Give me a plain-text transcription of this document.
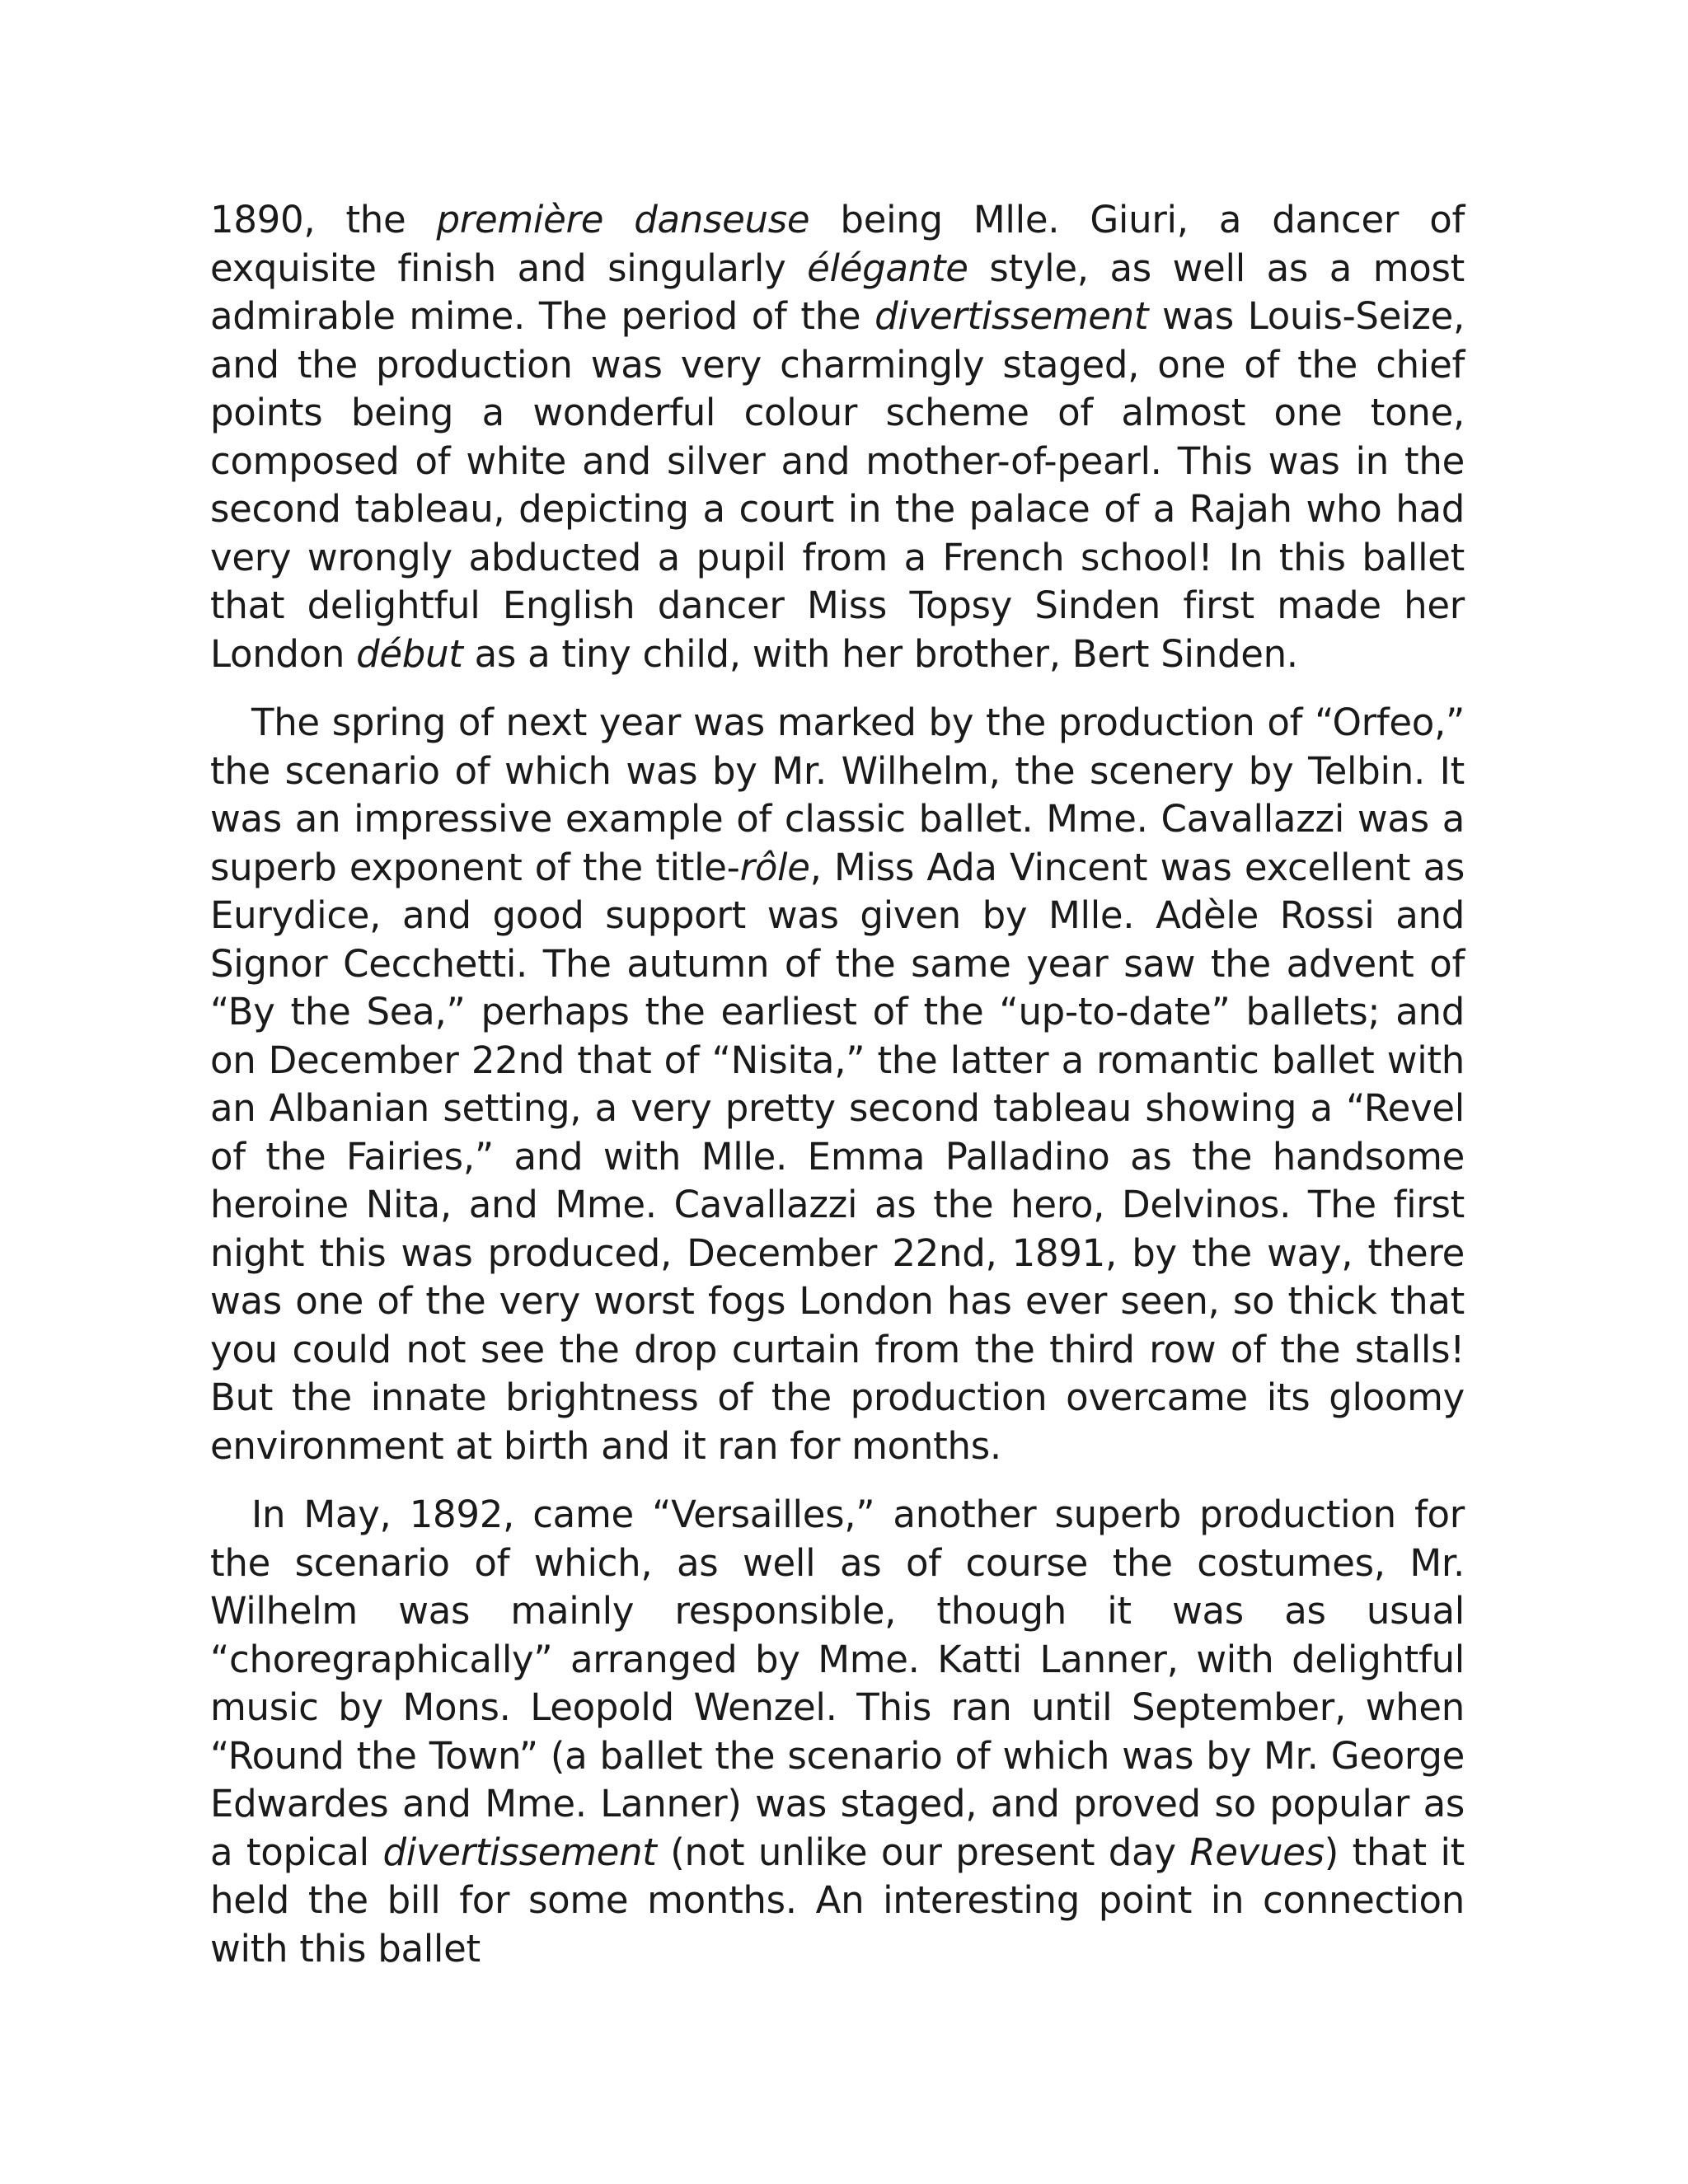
1890, the première danseuse being Mlle. Giuri, a dancer of exquisite finish and singularly élégante style, as well as a most admirable mime. The period of the divertissement was Louis-Seize, and the production was very charmingly staged, one of the chief points being a wonderful colour scheme of almost one tone, composed of white and silver and mother-of-pearl. This was in the second tableau, depicting a court in the palace of a Rajah who had very wrongly abducted a pupil from a French school! In this ballet that delightful English dancer Miss Topsy Sinden first made her London début as a tiny child, with her brother, Bert Sinden.

The spring of next year was marked by the production of “Orfeo,” the scenario of which was by Mr. Wilhelm, the scenery by Telbin. It was an impressive example of classic ballet. Mme. Cavallazzi was a superb exponent of the title-rôle, Miss Ada Vincent was excellent as Eurydice, and good support was given by Mlle. Adèle Rossi and Signor Cecchetti. The autumn of the same year saw the advent of “By the Sea,” perhaps the earliest of the “up-to-date” ballets; and on December 22nd that of “Nisita,” the latter a romantic ballet with an Albanian setting, a very pretty second tableau showing a “Revel of the Fairies,” and with Mlle. Emma Palladino as the handsome heroine Nita, and Mme. Cavallazzi as the hero, Delvinos. The first night this was produced, December 22nd, 1891, by the way, there was one of the very worst fogs London has ever seen, so thick that you could not see the drop curtain from the third row of the stalls! But the innate brightness of the production overcame its gloomy environment at birth and it ran for months.

In May, 1892, came “Versailles,” another superb production for the scenario of which, as well as of course the costumes, Mr. Wilhelm was mainly responsible, though it was as usual “choregraphically” arranged by Mme. Katti Lanner, with delightful music by Mons. Leopold Wenzel. This ran until September, when “Round the Town” (a ballet the scenario of which was by Mr. George Edwardes and Mme. Lanner) was staged, and proved so popular as a topical divertissement (not unlike our present day Revues) that it held the bill for some months. An interesting point in connection with this ballet
